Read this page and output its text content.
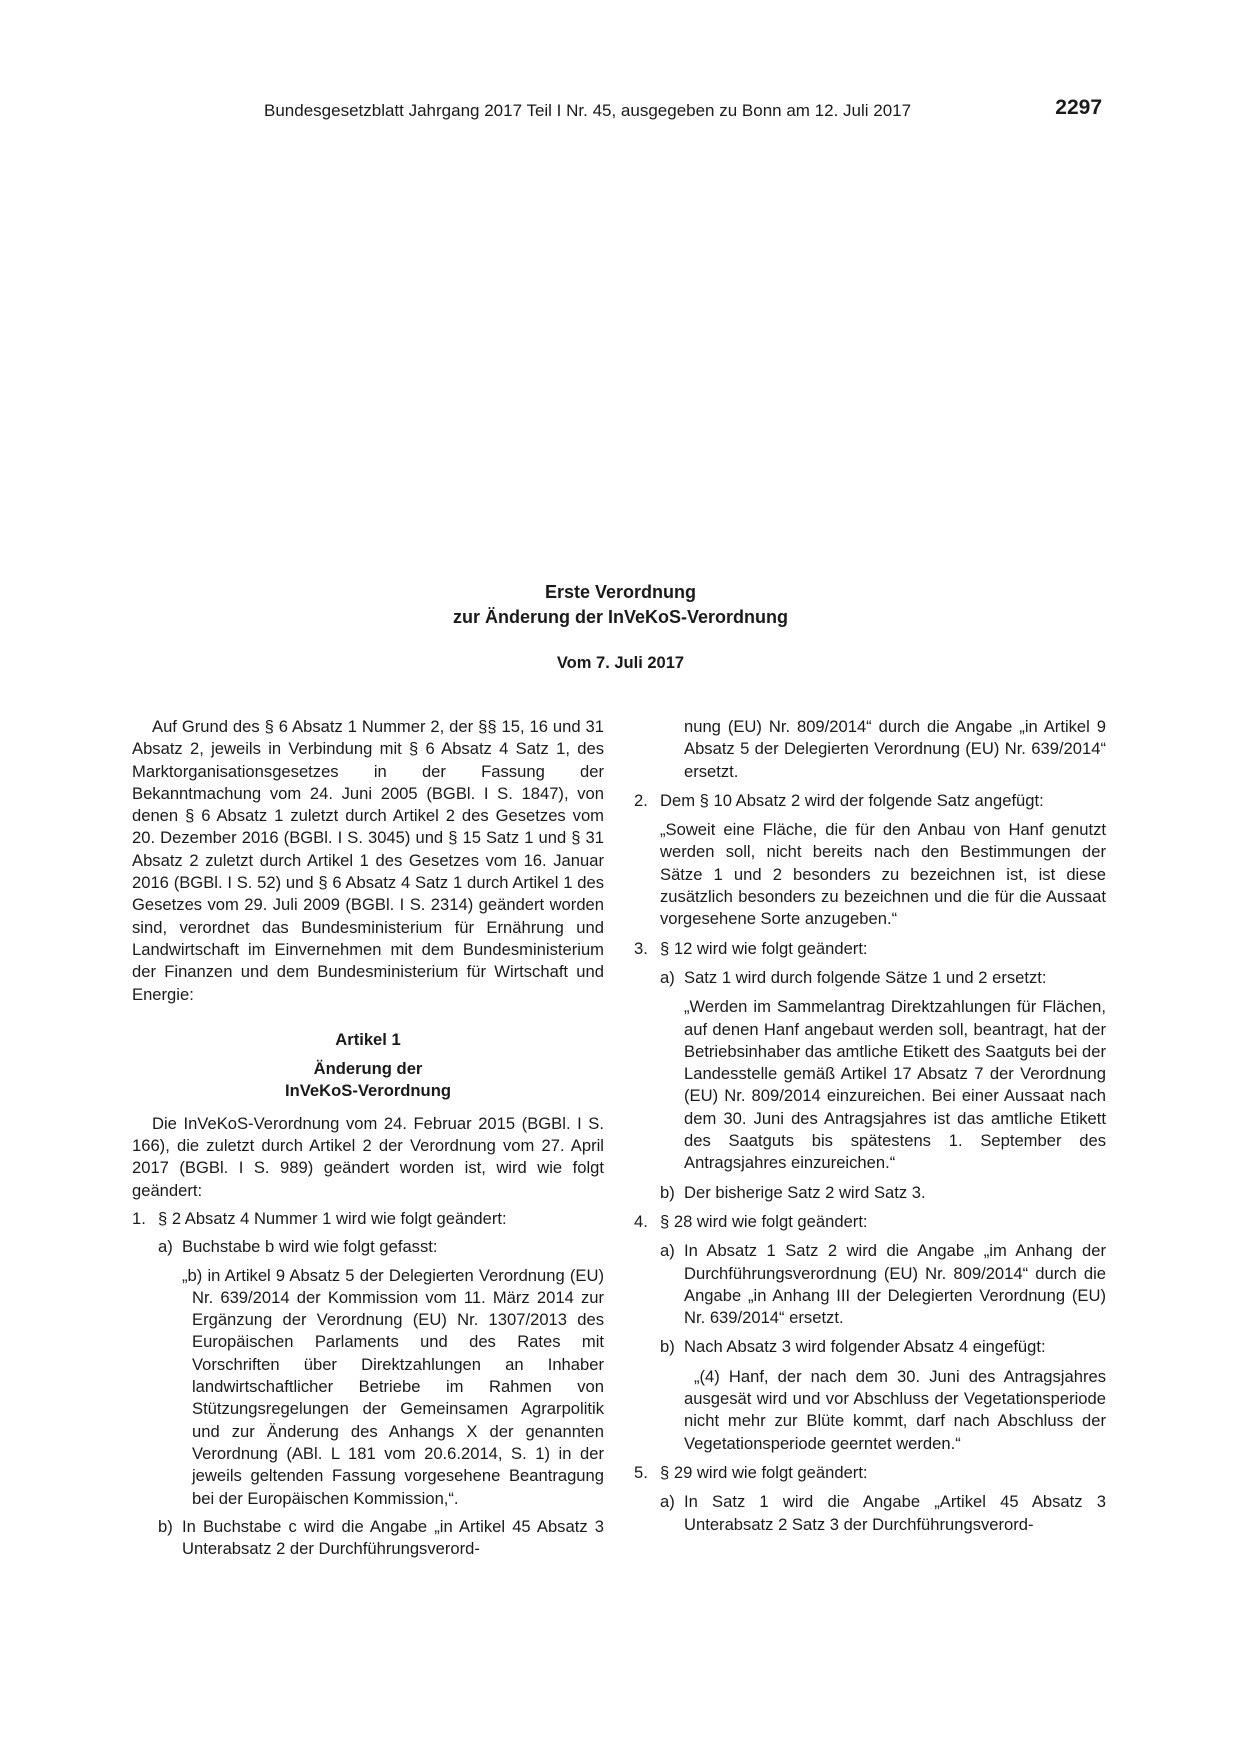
Bundesgesetzblatt Jahrgang 2017 Teil I Nr. 45, ausgegeben zu Bonn am 12. Juli 2017	2297
Erste Verordnung
zur Änderung der InVeKoS-Verordnung
Vom 7. Juli 2017

Auf Grund des § 6 Absatz 1 Nummer 2, der §§ 15, 16 und 31 Absatz 2, jeweils in Verbindung mit § 6 Absatz 4 Satz 1, des Marktorganisationsgesetzes in der Fassung der Bekanntmachung vom 24. Juni 2005 (BGBl. I S. 1847), von denen § 6 Absatz 1 zuletzt durch Artikel 2 des Gesetzes vom 20. Dezember 2016 (BGBl. I S. 3045) und § 15 Satz 1 und § 31 Absatz 2 zuletzt durch Artikel 1 des Gesetzes vom 16. Januar 2016 (BGBl. I S. 52) und § 6 Absatz 4 Satz 1 durch Artikel 1 des Gesetzes vom 29. Juli 2009 (BGBl. I S. 2314) geändert worden sind, verordnet das Bundesministerium für Ernährung und Landwirtschaft im Einvernehmen mit dem Bundesministerium der Finanzen und dem Bundesministerium für Wirtschaft und Energie:

Artikel 1

Änderung der

InVeKoS-Verordnung

Die InVeKoS-Verordnung vom 24. Februar 2015 (BGBl. I S. 166), die zuletzt durch Artikel 2 der Verordnung vom 27. April 2017 (BGBl. I S. 989) geändert worden ist, wird wie folgt geändert:

1. § 2 Absatz 4 Nummer 1 wird wie folgt geändert:
a) Buchstabe b wird wie folgt gefasst:

„b) in Artikel 9 Absatz 5 der Delegierten Verordnung (EU) Nr. 639/2014 der Kommission vom 11. März 2014 zur Ergänzung der Verordnung (EU) Nr. 1307/2013 des Europäischen Parlaments und des Rates mit Vorschriften über Direktzahlungen an Inhaber landwirtschaftlicher Betriebe im Rahmen von Stützungsregelungen der Gemeinsamen Agrarpolitik und zur Änderung des Anhangs X der genannten Verordnung (ABl. L 181 vom 20.6.2014, S. 1) in der jeweils geltenden Fassung vorgesehene Beantragung bei der Europäischen Kommission,“.

b) In Buchstabe c wird die Angabe „in Artikel 45 Absatz 3 Unterabsatz 2 der Durchführungsverord-

nung (EU) Nr. 809/2014“ durch die Angabe „in Artikel 9 Absatz 5 der Delegierten Verordnung (EU) Nr. 639/2014“ ersetzt.

2. Dem § 10 Absatz 2 wird der folgende Satz angefügt:

„Soweit eine Fläche, die für den Anbau von Hanf genutzt werden soll, nicht bereits nach den Bestimmungen der Sätze 1 und 2 besonders zu bezeichnen ist, ist diese zusätzlich besonders zu bezeichnen und die für die Aussaat vorgesehene Sorte anzugeben.“

3. § 12 wird wie folgt geändert:
a) Satz 1 wird durch folgende Sätze 1 und 2 ersetzt:

„Werden im Sammelantrag Direktzahlungen für Flächen, auf denen Hanf angebaut werden soll, beantragt, hat der Betriebsinhaber das amtliche Etikett des Saatguts bei der Landesstelle gemäß Artikel 17 Absatz 7 der Verordnung (EU) Nr. 809/2014 einzureichen. Bei einer Aussaat nach dem 30. Juni des Antragsjahres ist das amtliche Etikett des Saatguts bis spätestens 1. September des Antragsjahres einzureichen.“

b) Der bisherige Satz 2 wird Satz 3.
4. § 28 wird wie folgt geändert:
a) In Absatz 1 Satz 2 wird die Angabe „im Anhang der Durchführungsverordnung (EU) Nr. 809/2014“ durch die Angabe „in Anhang III der Delegierten Verordnung (EU) Nr. 639/2014“ ersetzt.
b) Nach Absatz 3 wird folgender Absatz 4 eingefügt:

„(4) Hanf, der nach dem 30. Juni des Antragsjahres ausgesät wird und vor Abschluss der Vegetationsperiode nicht mehr zur Blüte kommt, darf nach Abschluss der Vegetationsperiode geerntet werden.“

5. § 29 wird wie folgt geändert:
a) In Satz 1 wird die Angabe „Artikel 45 Absatz 3 Unterabsatz 2 Satz 3 der Durchführungsverord-
